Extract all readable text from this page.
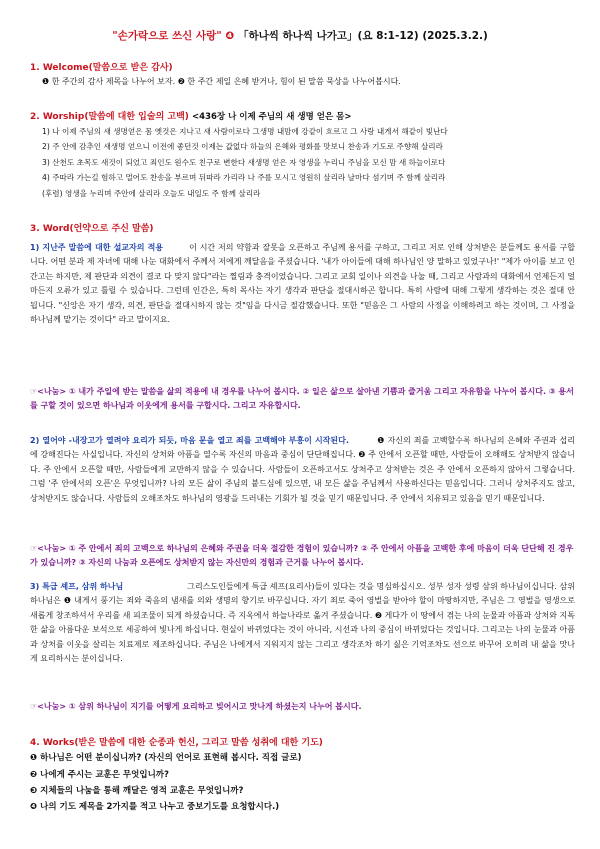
"손가락으로 쓰신 사랑" ❹ 「하나씩 하나씩 나가고」(요 8:1-12) (2025.3.2.)
1. Welcome(말씀으로 받은 감사)
❶ 한 주간의 감사 제목을 나누어 보자. ❷ 한 주간 제일 은혜 받거나, 힘이 된 말씀 묵상을 나누어봅시다.
2. Worship(말씀에 대한 입술의 고백) <436장 나 이제 주님의 새 생명 얻은 몸>
1) 나 이제 주님의 새 생명얻은 몸 옛것은 지나고 새 사람이로다 그생명 내맘에 강같이 흐르고 그 사랑 내게서 해같이 빛난다
2) 주 안에 감추인 새생명 얻으니 이전에 좋던것 이제는 값없다 하늘의 은혜와 평화를 맛보니 찬송과 기도로 주향해 살리라
3) 산천도 초목도 새것이 되었고 죄인도 원수도 친구로 변한다 새생명 얻은 자 영생을 누리니 주님을 모신 맘 새 하늘이로다
4) 주따라 가는길 험하고 멀어도 찬송을 부르며 뒤따라 가리라 나 주를 모시고 영원히 살리라 날마다 섬기며 주 함께 살리라
(후렴) 영생을 누리며 주안에 살리라 오늘도 내일도 주 함께 살리라
3. Word(언약으로 주신 말씀)
1) 지난주 말씀에 대한 설교자의 적용	이 시간 저의 약함과 잘못을 오픈하고 주님께 용서를 구하고, 그리고 저로 인해 상처받은 분들께도 용서를 구합니다. 어떤 분과 제 자녀에 대해 나눈 대화에서 주께서 저에게 깨달음을 주셨습니다. '내가 아이들에 대해 하나님인 양 말하고 있었구나!' "제가 아이를 보고 인간고는 하지만, 제 판단과 의견이 결코 다 맞지 않다"라는 찔림과 충격이었습니다. 그리고 교회 일이나 의견을 나눌 때, 그리고 사람과의 대화에서 언제든지 얼마든지 오류가 있고 틀릴 수 있습니다. 그런데 인간은, 특히 목사는 자기 생각과 판단을 절대시하곤 합니다. 특히 사람에 대해 그렇게 생각하는 것은 절대 안 됩니다. "신앙은 자기 생각, 의견, 판단을 절대시하지 않는 것"임을 다시금 절감했습니다. 또한 "믿음은 그 사람의 사정을 이해하려고 하는 것이며, 그 사정을 하나님께 맡기는 것이다" 라고 말이지요.
☞<나눔> ① 내가 주일에 받는 말씀을 삶의 적용에 내 경우를 나누어 봅시다. ② 일은 삶으로 살아낸 기쁨과 즐거움 그리고 자유함을 나누어 봅시다. ③ 용서를 구할 것이 있으면 하나님과 이웃에게 용서를 구합시다. 그리고 자유합시다.
2) 열어야 -내장고가 열려야 요리가 되듯, 마음 문을 열고 죄를 고백해야 부흥이 시작된다.	❶ 자신의 죄를 고백할수록 하나님의 은혜와 주권과 섭리에 강해진다는 사실입니다. 자신의 상처와 아픔을 열수록 자신의 마음과 중심이 단단해집니다. ❷ 주 안에서 오픈할 때만, 사람들이 오해해도 상처받지 않습니다. 주 안에서 오픈할 때만, 사람들에게 교만하지 않을 수 있습니다. 사람들이 오픈하고서도 상처주고 상처받는 것은 주 안에서 오픈하지 않아서 그렇습니다. 그럼 '주 안에서의 오픈'은 무엇입니까? 나의 모든 삶이 주님의 붙드심에 있으면, 내 모든 삶을 주님께서 사용하신다는 믿음입니다. 그러니 상처주지도 않고, 상처받지도 않습니다. 사람들의 오해조차도 하나님의 영광을 드러내는 기회가 될 것을 믿기 때문입니다. 주 안에서 치유되고 있음을 믿기 때문입니다.
☞<나눔> ① 주 안에서 죄의 고백으로 하나님의 은혜와 주권을 더욱 절감한 경험이 있습니까? ② 주 안에서 아픔을 고백한 후에 마음이 더욱 단단해 진 경우가 있습니까? ③ 자신의 나눔과 오픈에도 상처받지 않는 자신만의 경험과 근거를 나누어 봅시다.
3) 특급 셰프, 삼위 하나님	그리스도인들에게 특급 셰프(요리사)들이 있다는 것을 명심하십시오. 성부 성자 성령 삼위 하나님이십니다. 삼위 하나님은 ❶ 내게서 풍기는 죄와 죽음의 냄새를 의와 생명의 향기로 바꾸십니다. 자기 죄로 죽어 영벌을 받아야 할이 마땅하지만, 주님은 그 영벌을 영생으로 새롭게 창조하셔서 우리를 새 피조물이 되게 하셨습니다. 즉 지옥에서 하늘나라로 옮겨 주셨습니다. ❷ 게다가 이 땅에서 겪는 나의 눈물과 아픔과 상처와 지독한 삶을 아름다운 보석으로 세공하여 빛나게 하십니다. 현실이 바뀌었다는 것이 아니라, 시선과 나의 중심이 바뀌었다는 것입니다. 그리고는 나의 눈물과 아픔과 상처를 이웃을 살리는 치료제로 제조하십니다. 주님은 나에게서 지워지지 않는 그리고 생각조차 하기 싫은 기억조차도 선으로 바꾸어 오히려 내 삶을 맛나게 요리하시는 분이십니다.
☞<나눔> ① 삼위 하나님이 지기를 어떻게 요리하고 빚어시고 맛나게 하셨는지 나누어 봅시다.
4. Works(받은 말씀에 대한 순종과 헌신, 그리고 말씀 성취에 대한 기도)
❶ 하나님은 어떤 분이십니까? (자신의 언어로 표현해 봅시다. 직접 글로)
❷ 나에게 주시는 교훈은 무엇입니까?
❸ 지체들의 나눔을 통해 깨달은 영적 교훈은 무엇입니까?
❹ 나의 기도 제목을 2가지를 적고 나누고 중보기도를 요청합시다.)
